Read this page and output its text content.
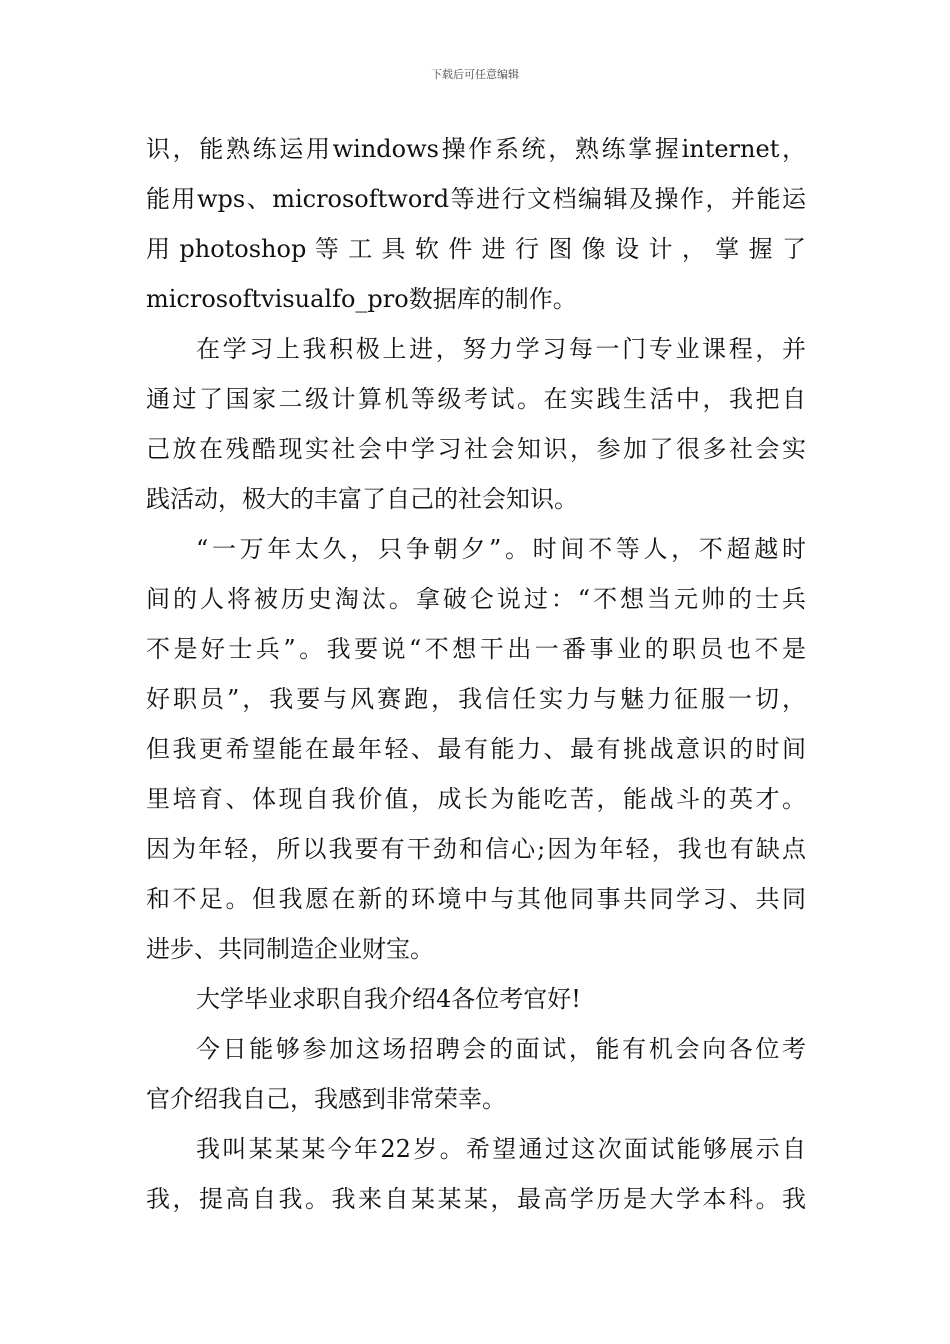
下载后可任意编辑
识，能熟练运用windows操作系统，熟练掌握internet，
能用wps、microsoftword等进行文档编辑及操作，并能运
用 photoshop 等 工 具 软 件 进 行 图 像 设 计 ， 掌 握 了
microsoftvisualfo_pro数据库的制作。
在学习上我积极上进，努力学习每一门专业课程，并
通过了国家二级计算机等级考试。在实践生活中，我把自
己放在残酷现实社会中学习社会知识，参加了很多社会实
践活动，极大的丰富了自己的社会知识。
“一万年太久，只争朝夕”。时间不等人，不超越时
间的人将被历史淘汰。拿破仑说过：“不想当元帅的士兵
不是好士兵”。我要说“不想干出一番事业的职员也不是
好职员”，我要与风赛跑，我信任实力与魅力征服一切，
但我更希望能在最年轻、最有能力、最有挑战意识的时间
里培育、体现自我价值，成长为能吃苦，能战斗的英才。
因为年轻，所以我要有干劲和信心;因为年轻，我也有缺点
和不足。但我愿在新的环境中与其他同事共同学习、共同
进步、共同制造企业财宝。
大学毕业求职自我介绍4各位考官好!
今日能够参加这场招聘会的面试，能有机会向各位考
官介绍我自己，我感到非常荣幸。
我叫某某某今年22岁。希望通过这次面试能够展示自
我，提高自我。我来自某某某，最高学历是大学本科。我
